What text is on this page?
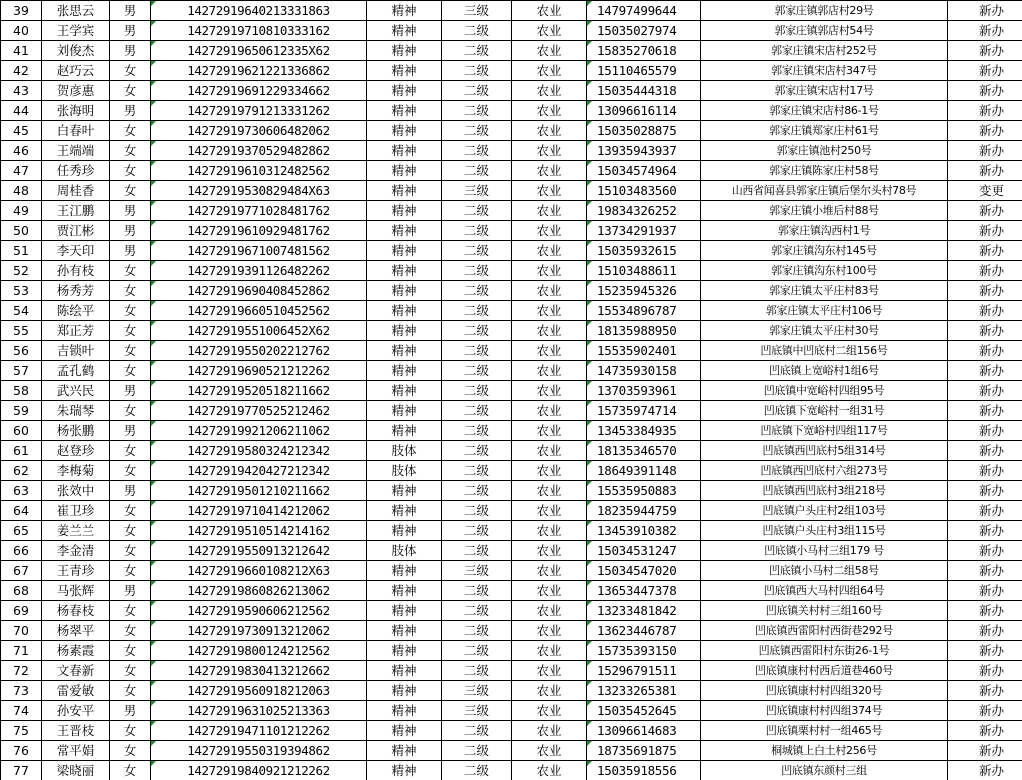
39	张思云	男	14272919640213331863	精神	三级	农业	14797499644	郭家庄镇郭店村29号	新办
40	王学宾	男	14272919710810333162	精神	二级	农业	15035027974	郭家庄镇郭店村54号	新办
41	刘俊杰	男	14272919650612335X62	精神	二级	农业	15835270618	郭家庄镇宋店村252号	新办
42	赵巧云	女	14272919621221336862	精神	二级	农业	15110465579	郭家庄镇宋店村347号	新办
43	贺彦惠	女	14272919691229334662	精神	二级	农业	15035444318	郭家庄镇宋店村17号	新办
44	张海明	男	14272919791213331262	精神	二级	农业	13096616114	郭家庄镇宋店村86-1号	新办
45	白春叶	女	14272919730606482062	精神	二级	农业	15035028875	郭家庄镇郑家庄村61号	新办
46	王端端	女	14272919370529482862	精神	二级	农业	13935943937	郭家庄镇池村250号	新办
47	任秀珍	女	14272919610312482562	精神	二级	农业	15034574964	郭家庄镇陈家庄村58号	新办
48	周桂香	女	14272919530829484X63	精神	三级	农业	15103483560	山西省闻喜县郭家庄镇后堡尔头村78号	变更
49	王江鹏	男	14272919771028481762	精神	二级	农业	19834326252	郭家庄镇小堆后村88号	新办
50	贾江彬	男	14272919610929481762	精神	二级	农业	13734291937	郭家庄镇沟西村1号	新办
51	李天印	男	14272919671007481562	精神	二级	农业	15035932615	郭家庄镇沟东村145号	新办
52	孙有枝	女	14272919391126482262	精神	二级	农业	15103488611	郭家庄镇沟东村100号	新办
53	杨秀芳	女	14272919690408452862	精神	二级	农业	15235945326	郭家庄镇太平庄村83号	新办
54	陈绘平	女	14272919660510452562	精神	二级	农业	15534896787	郭家庄镇太平庄村106号	新办
55	郑正芳	女	14272919551006452X62	精神	二级	农业	18135988950	郭家庄镇太平庄村30号	新办
56	吉锁叶	女	14272919550202212762	精神	二级	农业	15535902401	凹底镇中凹底村二组156号	新办
57	孟孔鹤	女	14272919690521212262	精神	二级	农业	14735930158	凹底镇上宽峪村1组6号	新办
58	武兴民	男	14272919520518211662	精神	二级	农业	13703593961	凹底镇中宽峪村四组95号	新办
59	朱瑞琴	女	14272919770525212462	精神	二级	农业	15735974714	凹底镇下宽峪村一组31号	新办
60	杨张鹏	男	14272919921206211062	精神	二级	农业	13453384935	凹底镇下宽峪村四组117号	新办
61	赵登珍	女	14272919580324212342	肢体	二级	农业	18135346570	凹底镇西凹底村5组314号	新办
62	李梅菊	女	14272919420427212342	肢体	二级	农业	18649391148	凹底镇西凹底村六组273号	新办
63	张效中	男	14272919501210211662	精神	二级	农业	15535950883	凹底镇西凹底村3组218号	新办
64	崔卫珍	女	14272919710414212062	精神	二级	农业	18235944759	凹底镇户头庄村2组103号	新办
65	姜兰兰	女	14272919510514214162	精神	二级	农业	13453910382	凹底镇户头庄村3组115号	新办
66	李金清	女	14272919550913212642	肢体	二级	农业	15034531247	凹底镇小马村三组179 号	新办
67	王青珍	女	14272919660108212X63	精神	三级	农业	15034547020	凹底镇小马村二组58号	新办
68	马张辉	男	14272919860826213062	精神	二级	农业	13653447378	凹底镇西大马村四组64号	新办
69	杨春枝	女	14272919590606212562	精神	二级	农业	13233481842	凹底镇关村村三组160号	新办
70	杨翠平	女	14272919730913212062	精神	二级	农业	13623446787	凹底镇西雷阳村西街巷292号	新办
71	杨素霞	女	14272919800124212562	精神	二级	农业	15735393150	凹底镇西雷阳村东街26-1号	新办
72	文春新	女	14272919830413212662	精神	二级	农业	15296791511	凹底镇康村村西后道巷460号	新办
73	雷爱敏	女	14272919560918212063	精神	三级	农业	13233265381	凹底镇康村村四组320号	新办
74	孙安平	男	14272919631025213363	精神	三级	农业	15035452645	凹底镇康村村四组374号	新办
75	王晋枝	女	14272919471101212262	精神	二级	农业	13096614683	凹底镇栗村村一组465号	新办
76	常平娟	女	14272919550319394862	精神	二级	农业	18735691875	桐城镇上白土村256号	新办
77	梁晓丽	女	14272919840921212262	精神	二级	农业	15035918556	凹底镇东颜村三组	新办
